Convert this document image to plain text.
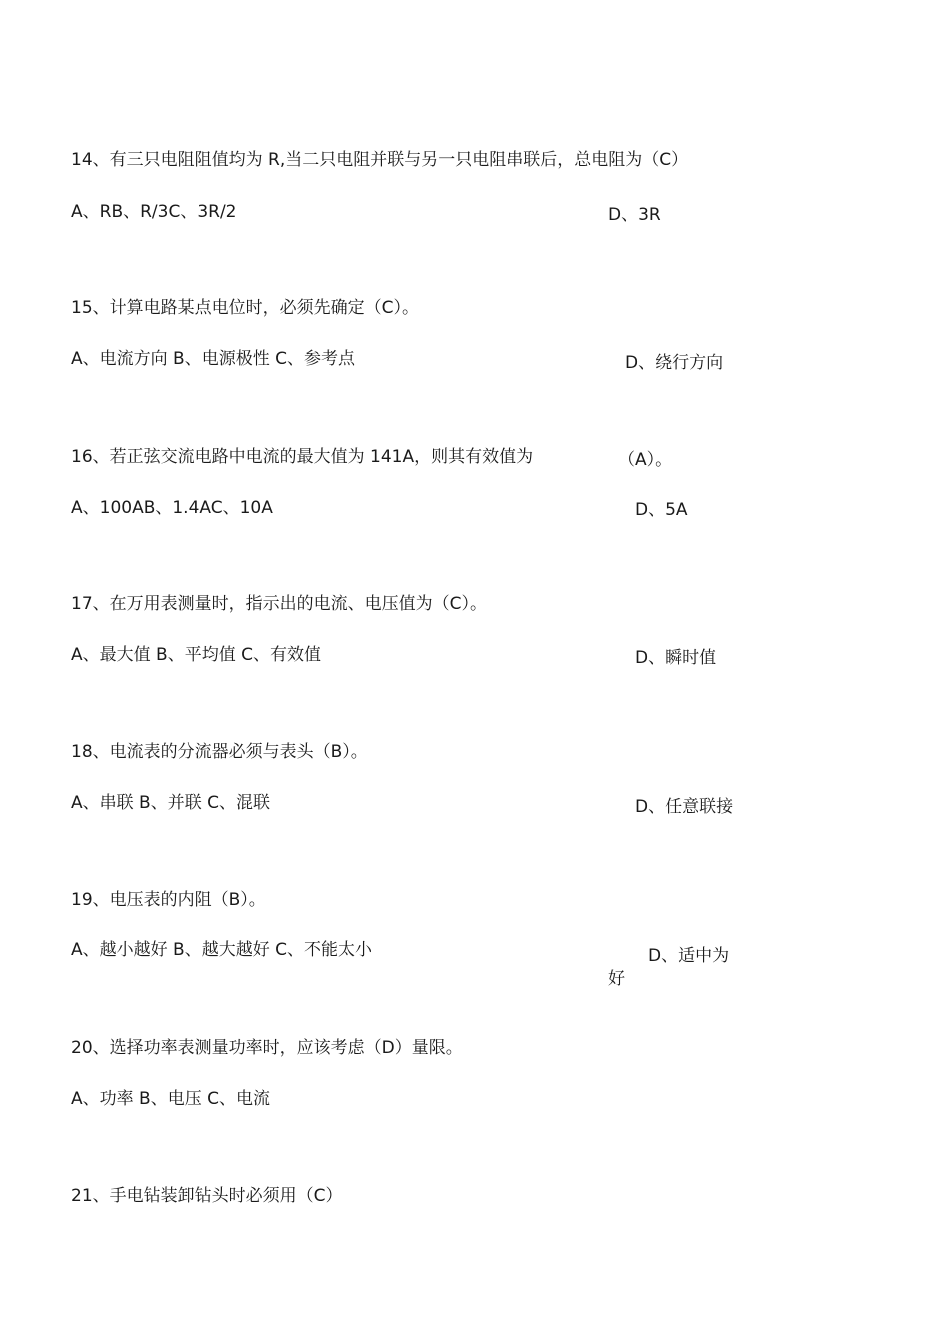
14、有三只电阻阻值均为 R,当二只电阻并联与另一只电阻串联后，总电阻为（C）
A、RB、R/3C、3R/2	D、3R
15、计算电路某点电位时，必须先确定（C）。
A、电流方向 B、电源极性 C、参考点	D、绕行方向
16、若正弦交流电路中电流的最大值为 141A，则其有效值为	（A）。
A、100AB、1.4AC、10A	D、5A
17、在万用表测量时，指示出的电流、电压值为（C）。
A、最大值 B、平均值 C、有效值	D、瞬时值
18、电流表的分流器必须与表头（B）。
A、串联 B、并联 C、混联	D、任意联接
19、电压表的内阻（B）。
A、越小越好 B、越大越好 C、不能太小	D、适中为
好
20、选择功率表测量功率时，应该考虑（D）量限。
A、功率 B、电压 C、电流
21、手电钻装卸钻头时必须用（C）
